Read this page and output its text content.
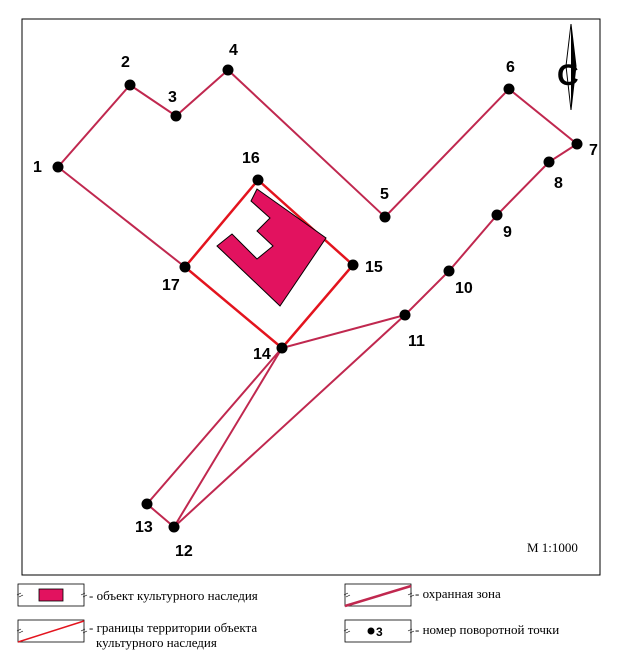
С
1
2
3
4
5
6
7
8
9
10
11
12
13
14
15
16
17
М 1:1000
- объект культурного наследия	- охранная зона
- границы территории объекта
культурного наследия
3 - номер поворотной точки
